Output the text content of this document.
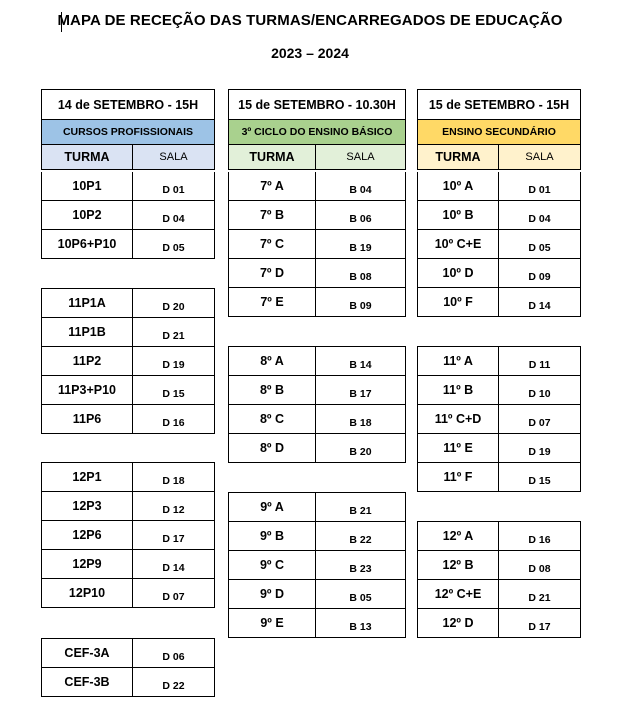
MAPA DE RECEÇÃO DAS TURMAS/ENCARREGADOS DE EDUCAÇÃO
2023 – 2024
14 de SETEMBRO - 15H
CURSOS PROFISSIONAIS
TURMA	SALA
10P1	D 01
10P2	D 04
10P6+P10	D 05
11P1A	D 20
11P1B	D 21
11P2	D 19
11P3+P10	D 15
11P6	D 16
12P1	D 18
12P3	D 12
12P6	D 17
12P9	D 14
12P10	D 07
CEF-3A	D 06
CEF-3B	D 22
15 de SETEMBRO - 10.30H
3º CICLO DO ENSINO BÁSICO
TURMA	SALA
7º A	B 04
7º B	B 06
7º C	B 19
7º D	B 08
7º E	B 09
8º A	B 14
8º B	B 17
8º C	B 18
8º D	B 20
9º A	B 21
9º B	B 22
9º C	B 23
9º D	B 05
9º E	B 13
15 de SETEMBRO - 15H
ENSINO SECUNDÁRIO
TURMA	SALA
10º A	D 01
10º B	D 04
10º C+E	D 05
10º D	D 09
10º F	D 14
11º A	D 11
11º B	D 10
11º C+D	D 07
11º E	D 19
11º F	D 15
12º A	D 16
12º B	D 08
12º C+E	D 21
12º D	D 17
